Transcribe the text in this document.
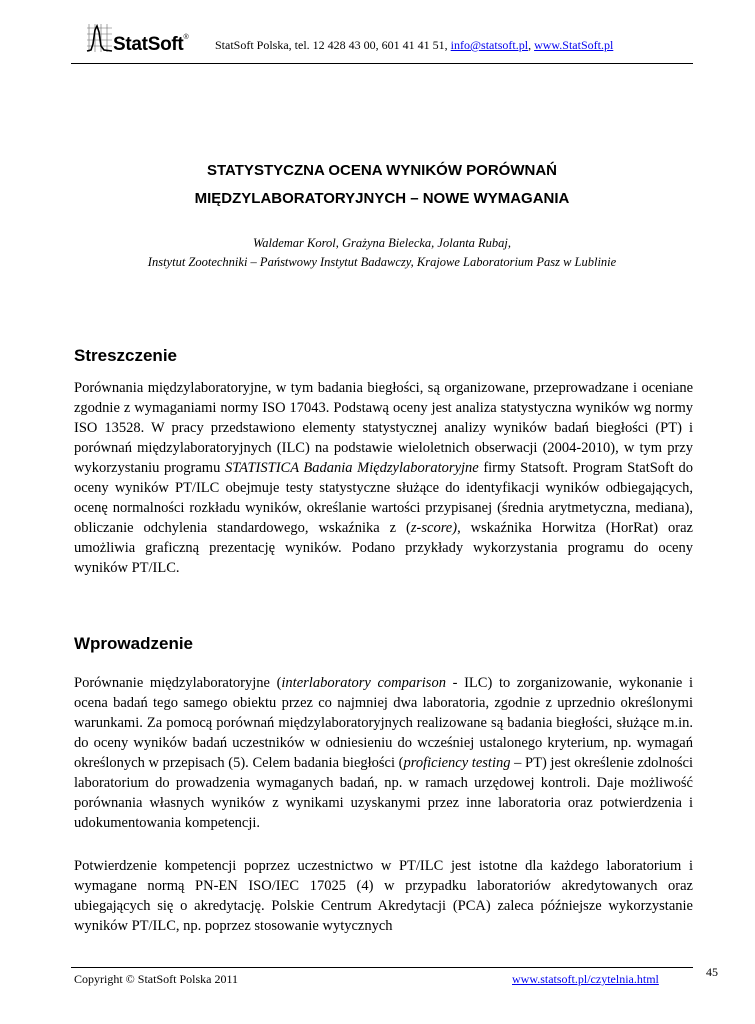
StatSoft®
StatSoft Polska, tel. 12 428 43 00, 601 41 41 51, info@statsoft.pl, www.StatSoft.pl
STATYSTYCZNA OCENA WYNIKÓW PORÓWNAŃ
MIĘDZYLABORATORYJNYCH – NOWE WYMAGANIA
Waldemar Korol, Grażyna Bielecka, Jolanta Rubaj,
Instytut Zootechniki – Państwowy Instytut Badawczy, Krajowe Laboratorium Pasz w Lublinie
Streszczenie

Porównania międzylaboratoryjne, w tym badania biegłości, są organizowane, przeprowadzane i oceniane zgodnie z wymaganiami normy ISO 17043. Podstawą oceny jest analiza statystyczna wyników wg normy ISO 13528. W pracy przedstawiono elementy statystycznej analizy wyników badań biegłości (PT) i porównań międzylaboratoryjnych (ILC) na podstawie wieloletnich obserwacji (2004-2010), w tym przy wykorzystaniu programu STATISTICA Badania Międzylaboratoryjne firmy Statsoft. Program StatSoft do oceny wyników PT/ILC obejmuje testy statystyczne służące do identyfikacji wyników odbiegających, ocenę normalności rozkładu wyników, określanie wartości przypisanej (średnia arytmetyczna, mediana), obliczanie odchylenia standardowego, wskaźnika z (z-score), wskaźnika Horwitza (HorRat) oraz umożliwia graficzną prezentację wyników. Podano przykłady wykorzystania programu do oceny wyników PT/ILC.

Wprowadzenie

Porównanie międzylaboratoryjne (interlaboratory comparison - ILC) to zorganizowanie, wykonanie i ocena badań tego samego obiektu przez co najmniej dwa laboratoria, zgodnie z uprzednio określonymi warunkami. Za pomocą porównań międzylaboratoryjnych realizowane są badania biegłości, służące m.in. do oceny wyników badań uczestników w odniesieniu do wcześniej ustalonego kryterium, np. wymagań określonych w przepisach (5). Celem badania biegłości (proficiency testing – PT) jest określenie zdolności laboratorium do prowadzenia wymaganych badań, np. w ramach urzędowej kontroli. Daje możliwość porównania własnych wyników z wynikami uzyskanymi przez inne laboratoria oraz potwierdzenia i udokumentowania kompetencji.

Potwierdzenie kompetencji poprzez uczestnictwo w PT/ILC jest istotne dla każdego laboratorium i wymagane normą PN-EN ISO/IEC 17025 (4) w przypadku laboratoriów akredytowanych oraz ubiegających się o akredytację. Polskie Centrum Akredytacji (PCA) zaleca późniejsze wykorzystanie wyników PT/ILC, np. poprzez stosowanie wytycznych

Copyright © StatSoft Polska 2011	www.statsoft.pl/czytelnia.html	45
